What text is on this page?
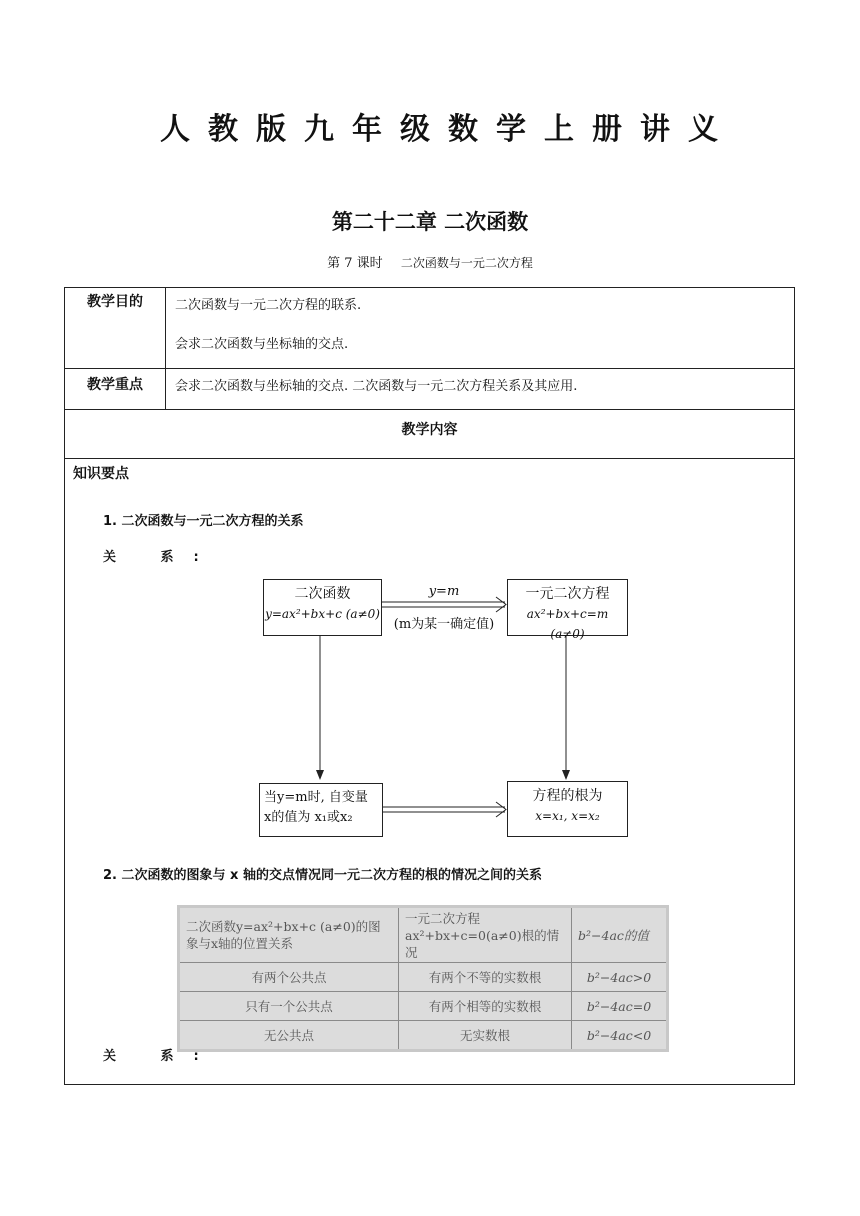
人教版九年级数学上册讲义
第二十二章 二次函数
第 7 课时 二次函数与一元二次方程
教学目的	二次函数与一元二次方程的联系.
会求二次函数与坐标轴的交点.
教学重点	会求二次函数与坐标轴的交点. 二次函数与一元二次方程关系及其应用.
教学内容
知识要点
1. 二次函数与一元二次方程的关系
关 系:
二次函数
y=ax²+bx+c (a≠0)
y=m
(m为某一确定值)
一元二次方程
ax²+bx+c=m (a≠0)
当y=m时, 自变量
x的值为 x₁或x₂
方程的根为
x=x₁, x=x₂
2. 二次函数的图象与 x 轴的交点情况同一元二次方程的根的情况之间的关系
二次函数y=ax²+bx+c (a≠0)的图象与x轴的位置关系	一元二次方程ax²+bx+c=0(a≠0)根的情况	b²−4ac的值
有两个公共点	有两个不等的实数根	b²−4ac>0
只有一个公共点	有两个相等的实数根	b²−4ac=0
无公共点	无实数根	b²−4ac<0
关 系:
